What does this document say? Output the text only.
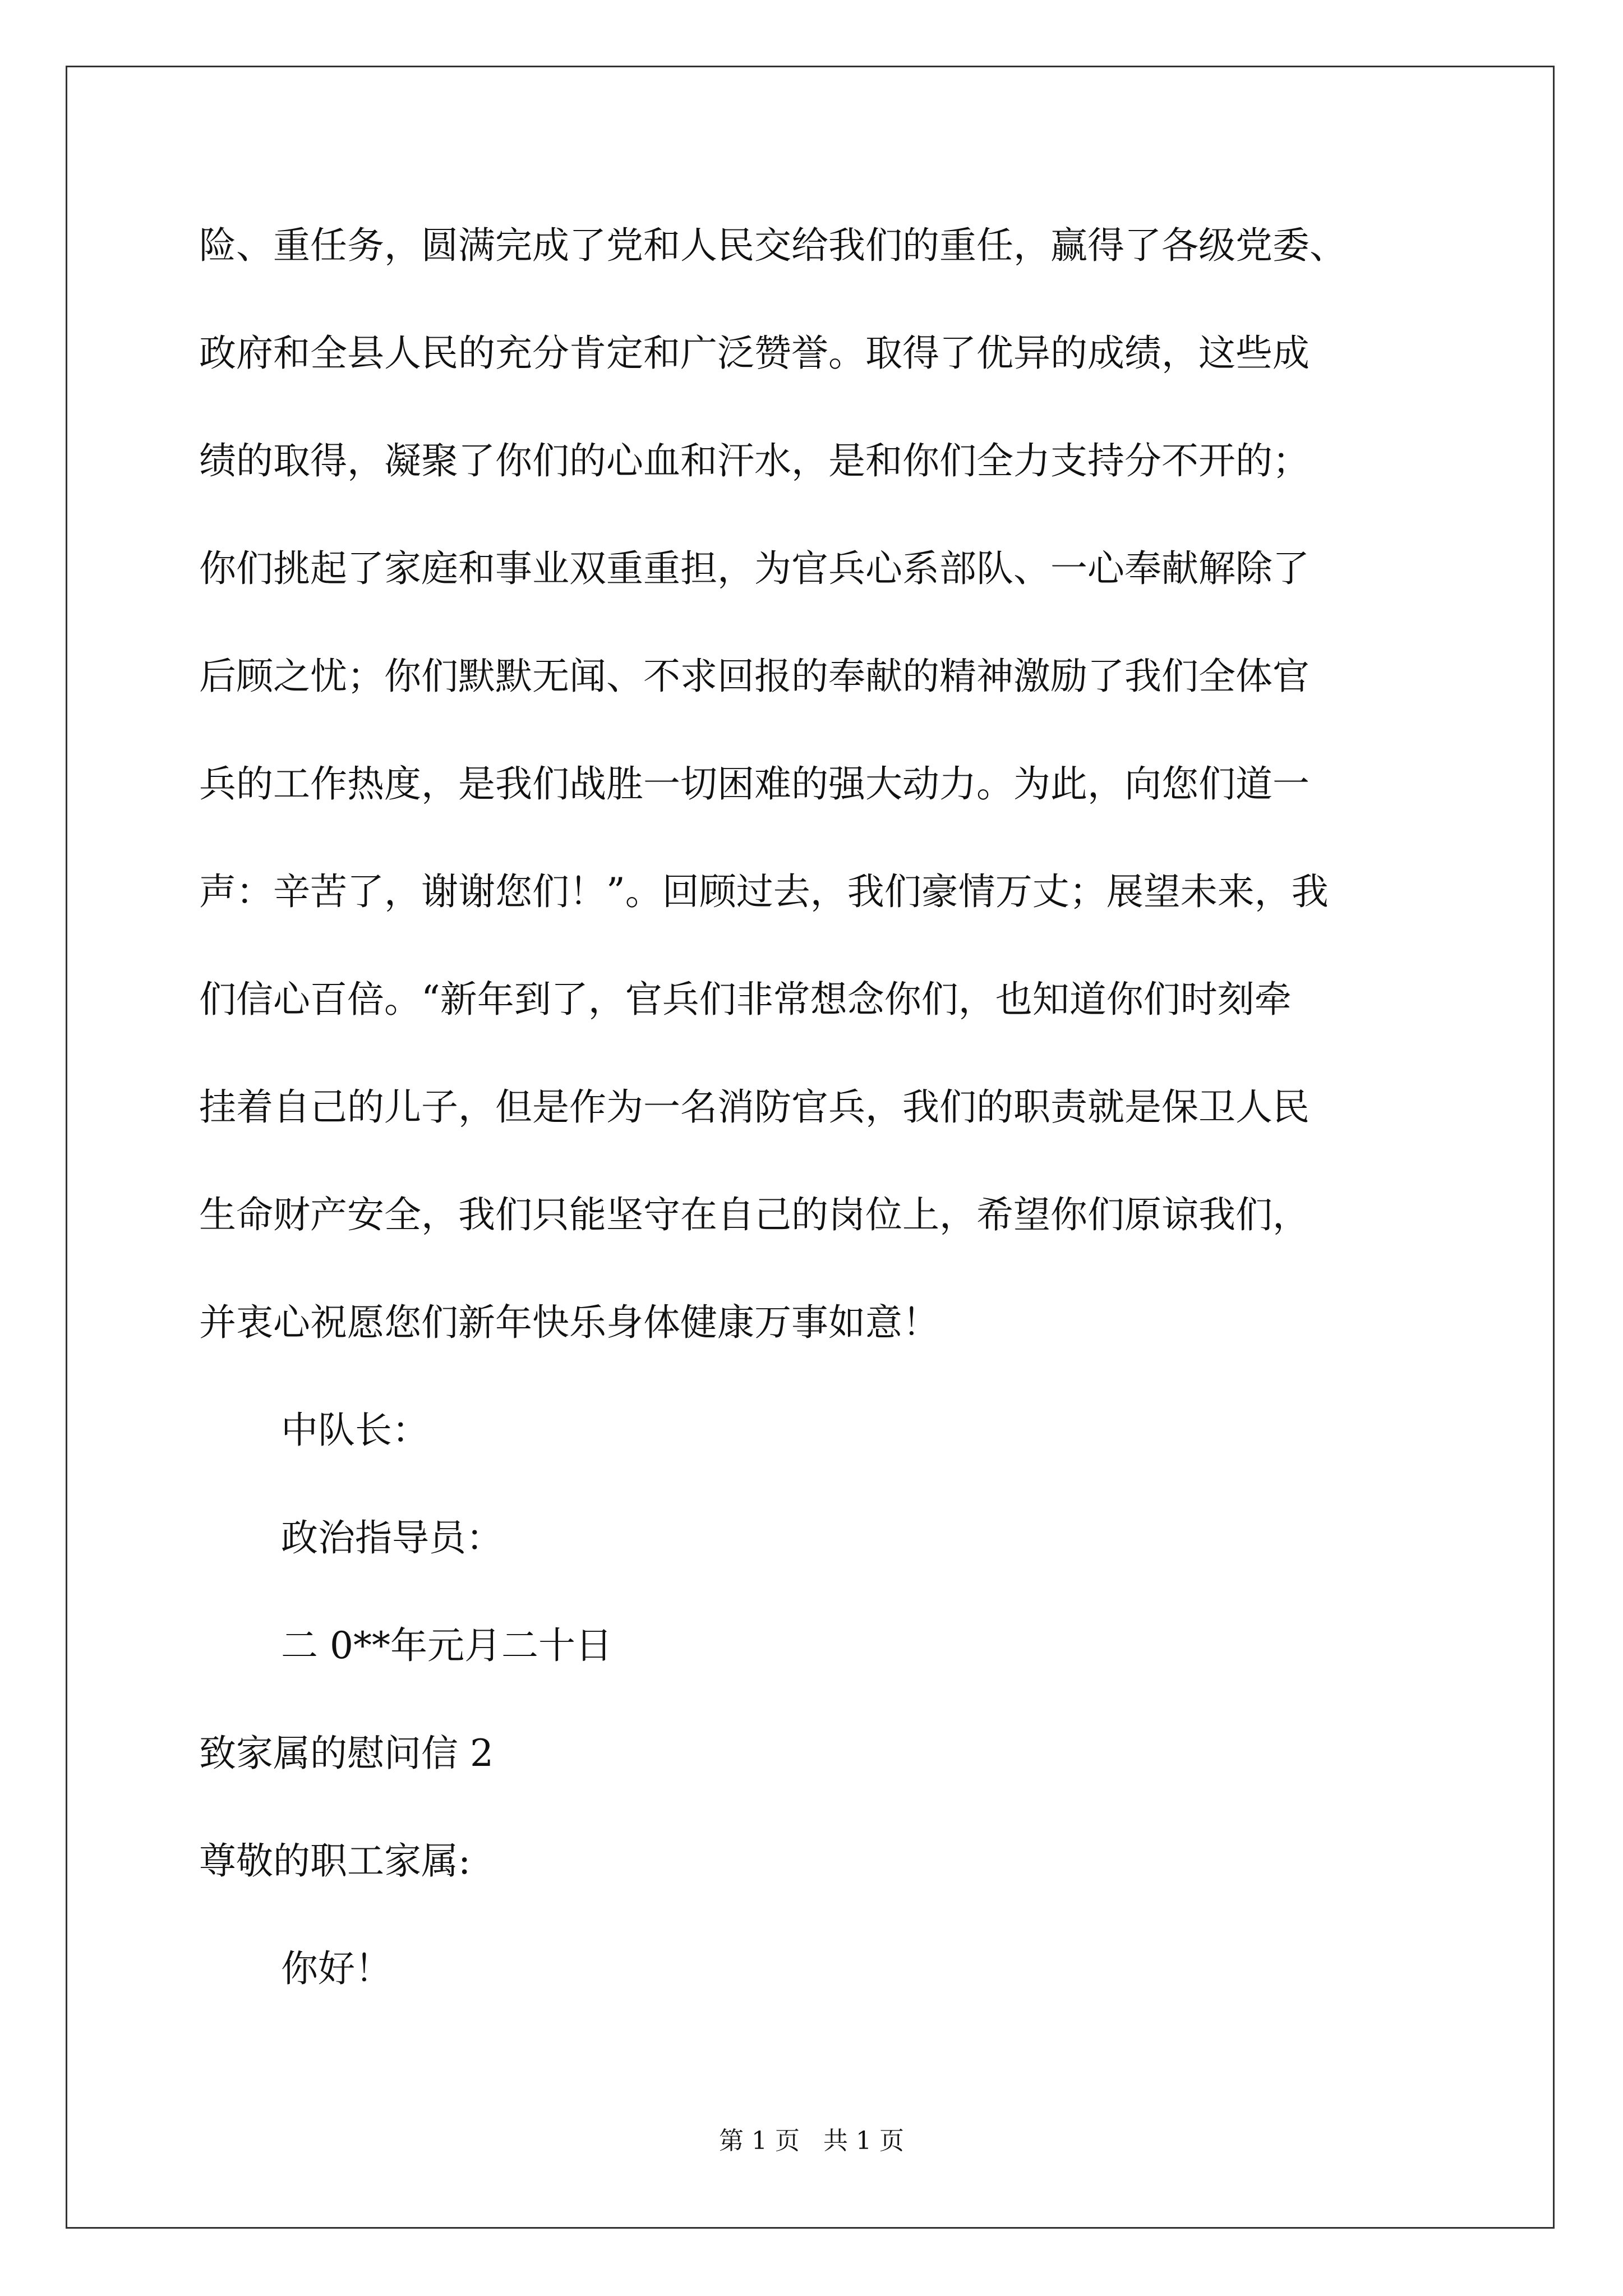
险、重任务，圆满完成了党和人民交给我们的重任，赢得了各级党委、
政府和全县人民的充分肯定和广泛赞誉。取得了优异的成绩，这些成
绩的取得，凝聚了你们的心血和汗水，是和你们全力支持分不开的；
你们挑起了家庭和事业双重重担，为官兵心系部队、一心奉献解除了
后顾之忧；你们默默无闻、不求回报的奉献的精神激励了我们全体官
兵的工作热度，是我们战胜一切困难的强大动力。为此，向您们道一
声：辛苦了，谢谢您们！”。回顾过去，我们豪情万丈；展望未来，我
们信心百倍。“新年到了，官兵们非常想念你们，也知道你们时刻牵
挂着自己的儿子，但是作为一名消防官兵，我们的职责就是保卫人民
生命财产安全，我们只能坚守在自己的岗位上，希望你们原谅我们，
并衷心祝愿您们新年快乐身体健康万事如意！
中队长：
政治指导员：
二 0**年元月二十日
致家属的慰问信 2
尊敬的职工家属:
你好！
第 1 页 共 1 页
